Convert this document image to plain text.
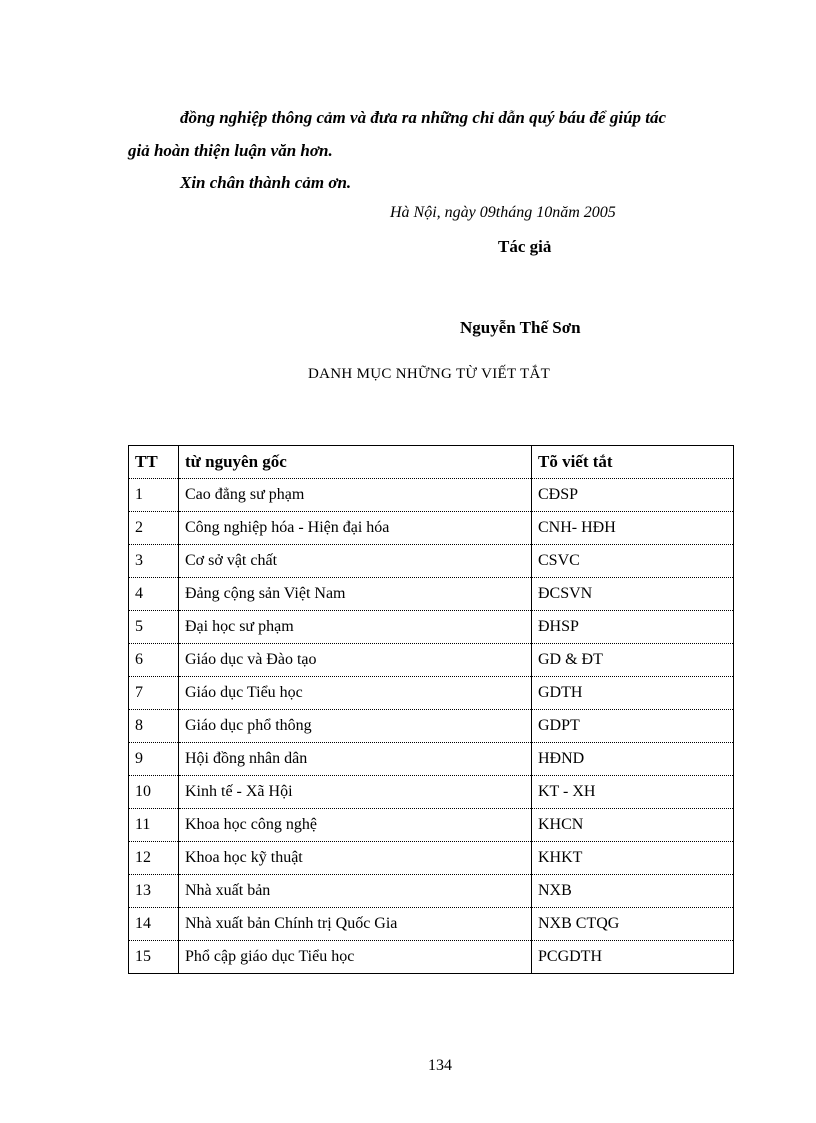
đồng nghiệp thông cảm và đưa ra những chỉ dẫn quý báu để giúp tác
giả hoàn thiện luận văn hơn.
Xin chân thành cảm ơn.
Hà Nội, ngày 09tháng 10năm 2005
Tác giả
Nguyễn Thế Sơn
DANH MỤC NHỮNG TỪ VIẾT TẮT
TT	từ nguyên gốc	Tõ viết tắt
1	Cao đẳng sư phạm	CĐSP
2	Công nghiệp hóa - Hiện đại hóa	CNH- HĐH
3	Cơ sở vật chất	CSVC
4	Đảng cộng sản Việt Nam	ĐCSVN
5	Đại học sư phạm	ĐHSP
6	Giáo dục và Đào tạo	GD & ĐT
7	Giáo dục Tiểu học	GDTH
8	Giáo dục phổ thông	GDPT
9	Hội đồng nhân dân	HĐND
10	Kinh tế - Xã Hội	KT - XH
11	Khoa học công nghệ	KHCN
12	Khoa học kỹ thuật	KHKT
13	Nhà xuất bản	NXB
14	Nhà xuất bản Chính trị Quốc Gia	NXB CTQG
15	Phổ cập giáo dục Tiểu học	PCGDTH
134
